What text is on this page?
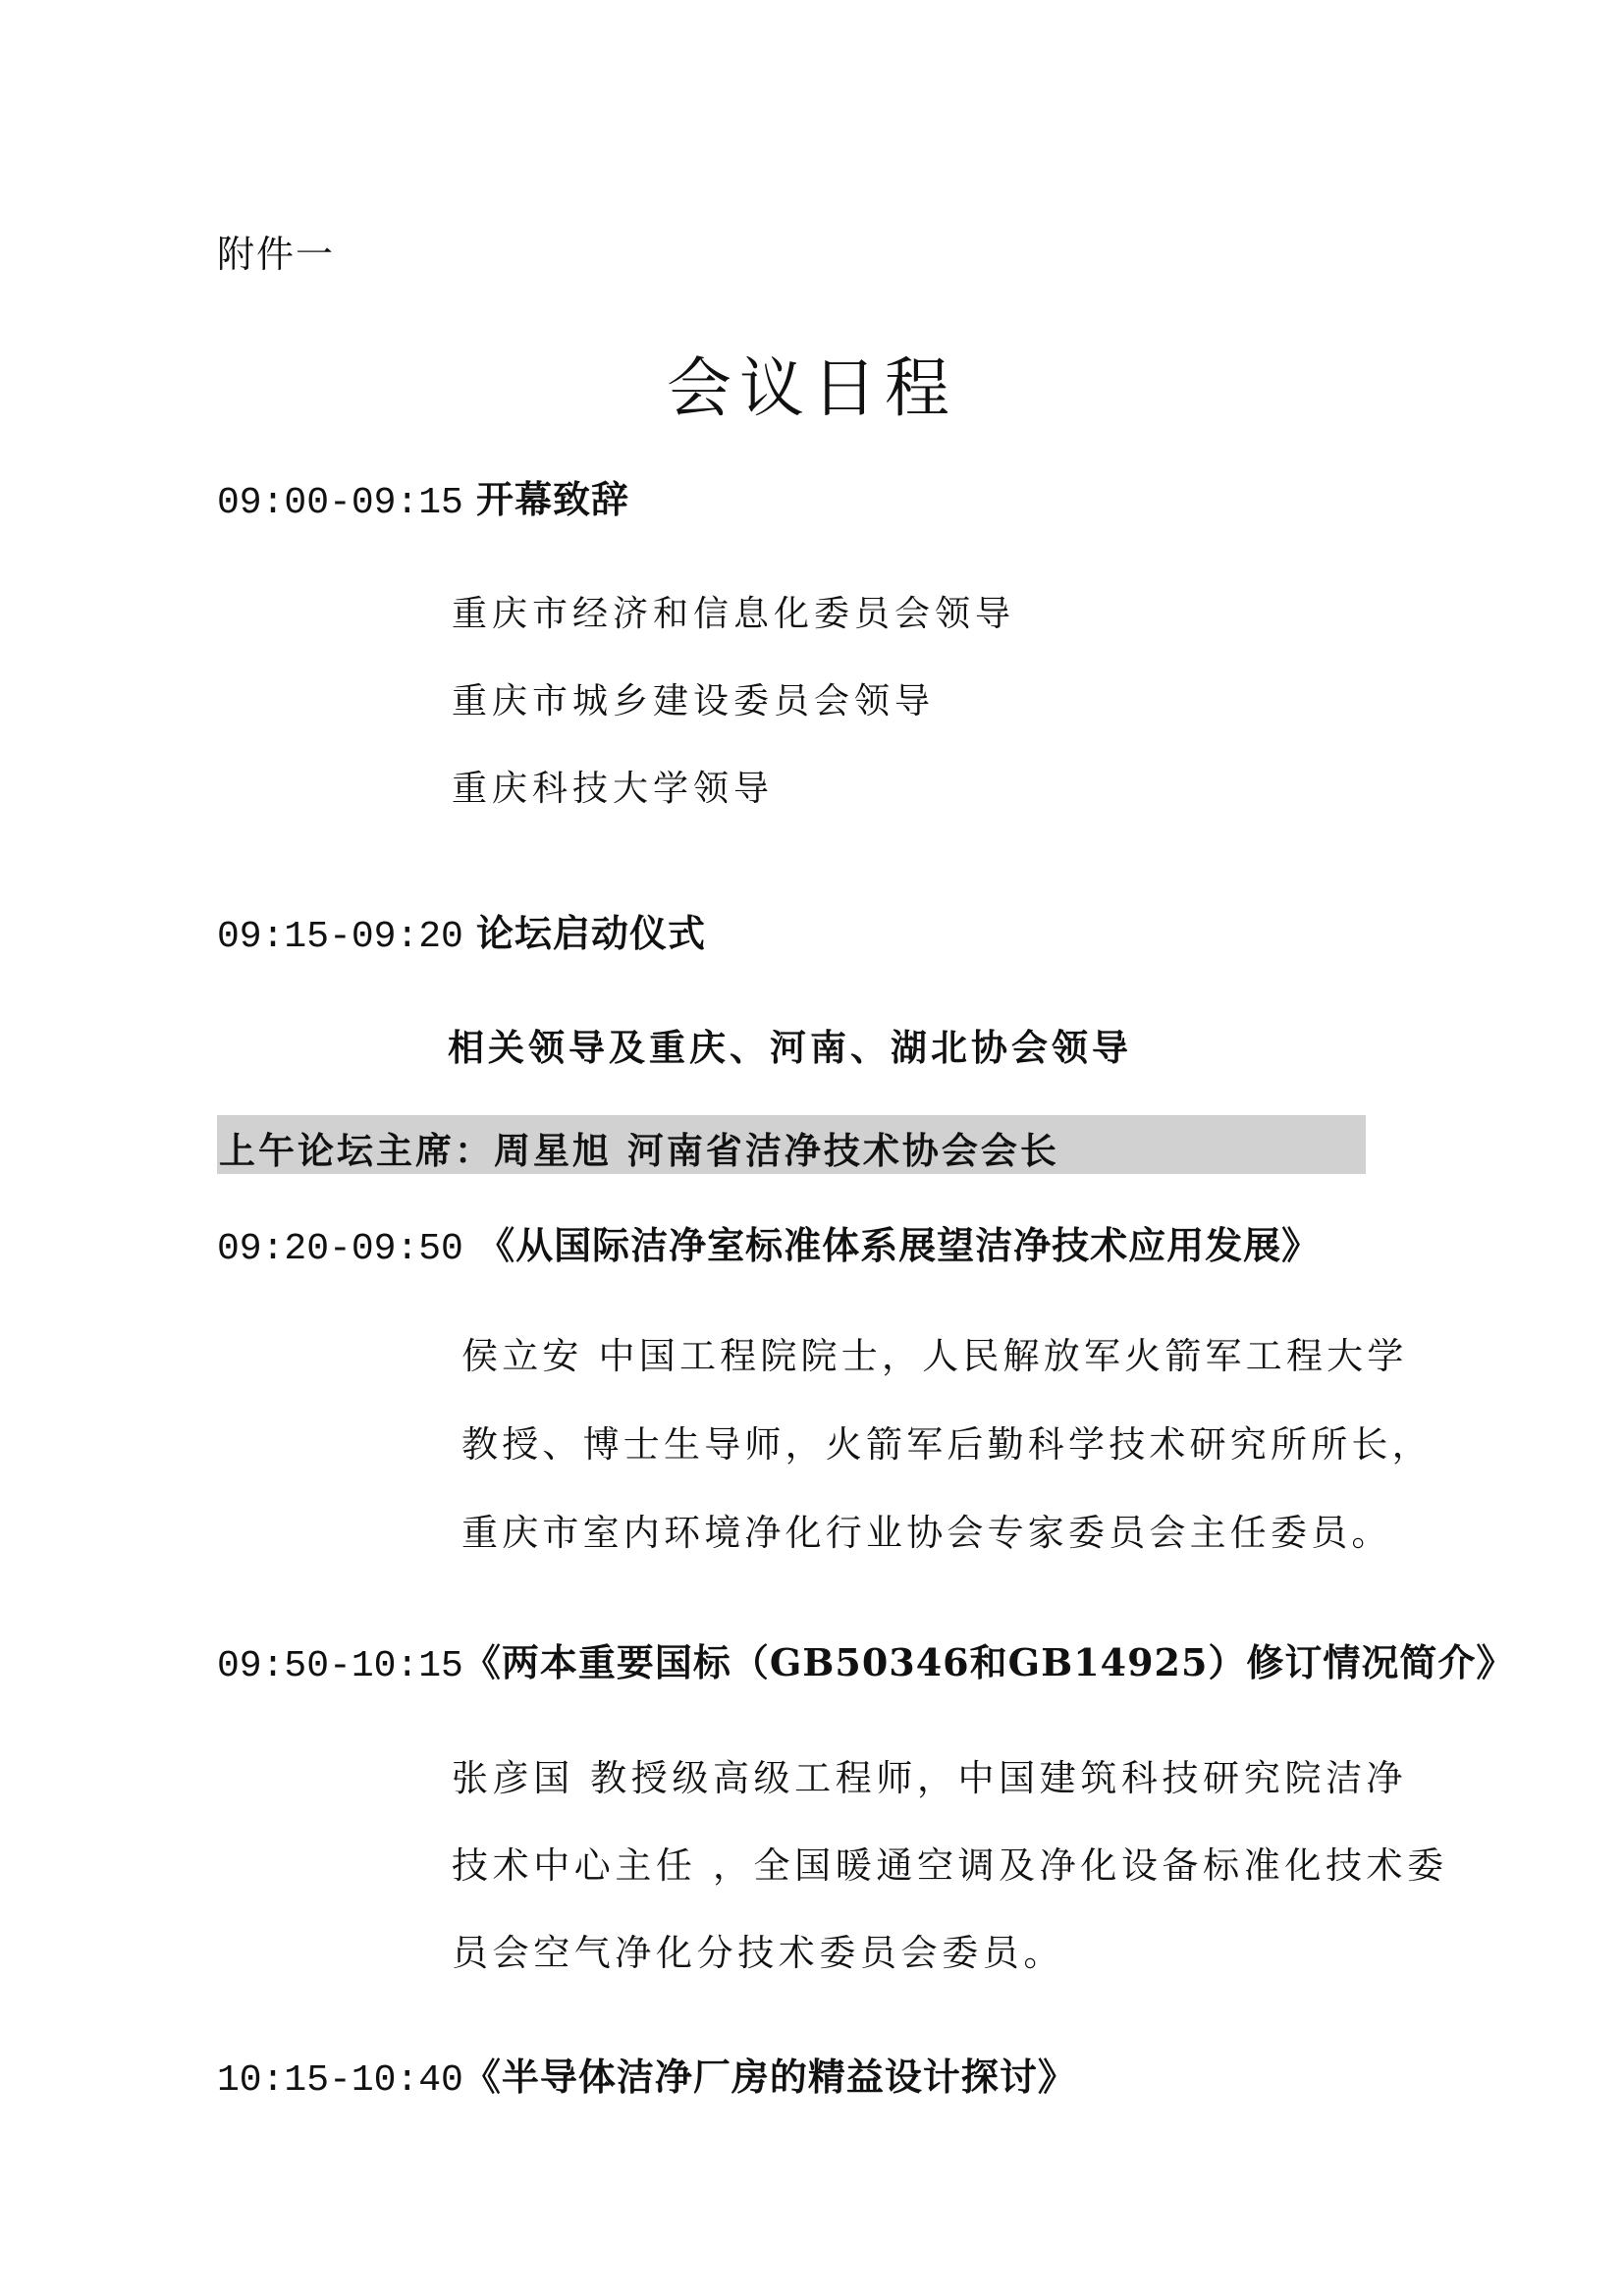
附件一
会议日程
09:00-09:15 开幕致辞
重庆市经济和信息化委员会领导
重庆市城乡建设委员会领导
重庆科技大学领导
09:15-09:20 论坛启动仪式
相关领导及重庆、河南、湖北协会领导
上午论坛主席：周星旭 河南省洁净技术协会会长
09:20-09:50 《从国际洁净室标准体系展望洁净技术应用发展》
侯立安 中国工程院院士，人民解放军火箭军工程大学
教授、博士生导师，火箭军后勤科学技术研究所所长，
重庆市室内环境净化行业协会专家委员会主任委员。
09:50-10:15《两本重要国标（GB50346和GB14925）修订情况简介》
张彦国 教授级高级工程师，中国建筑科技研究院洁净
技术中心主任 ，全国暖通空调及净化设备标准化技术委
员会空气净化分技术委员会委员。
10:15-10:40《半导体洁净厂房的精益设计探讨》
